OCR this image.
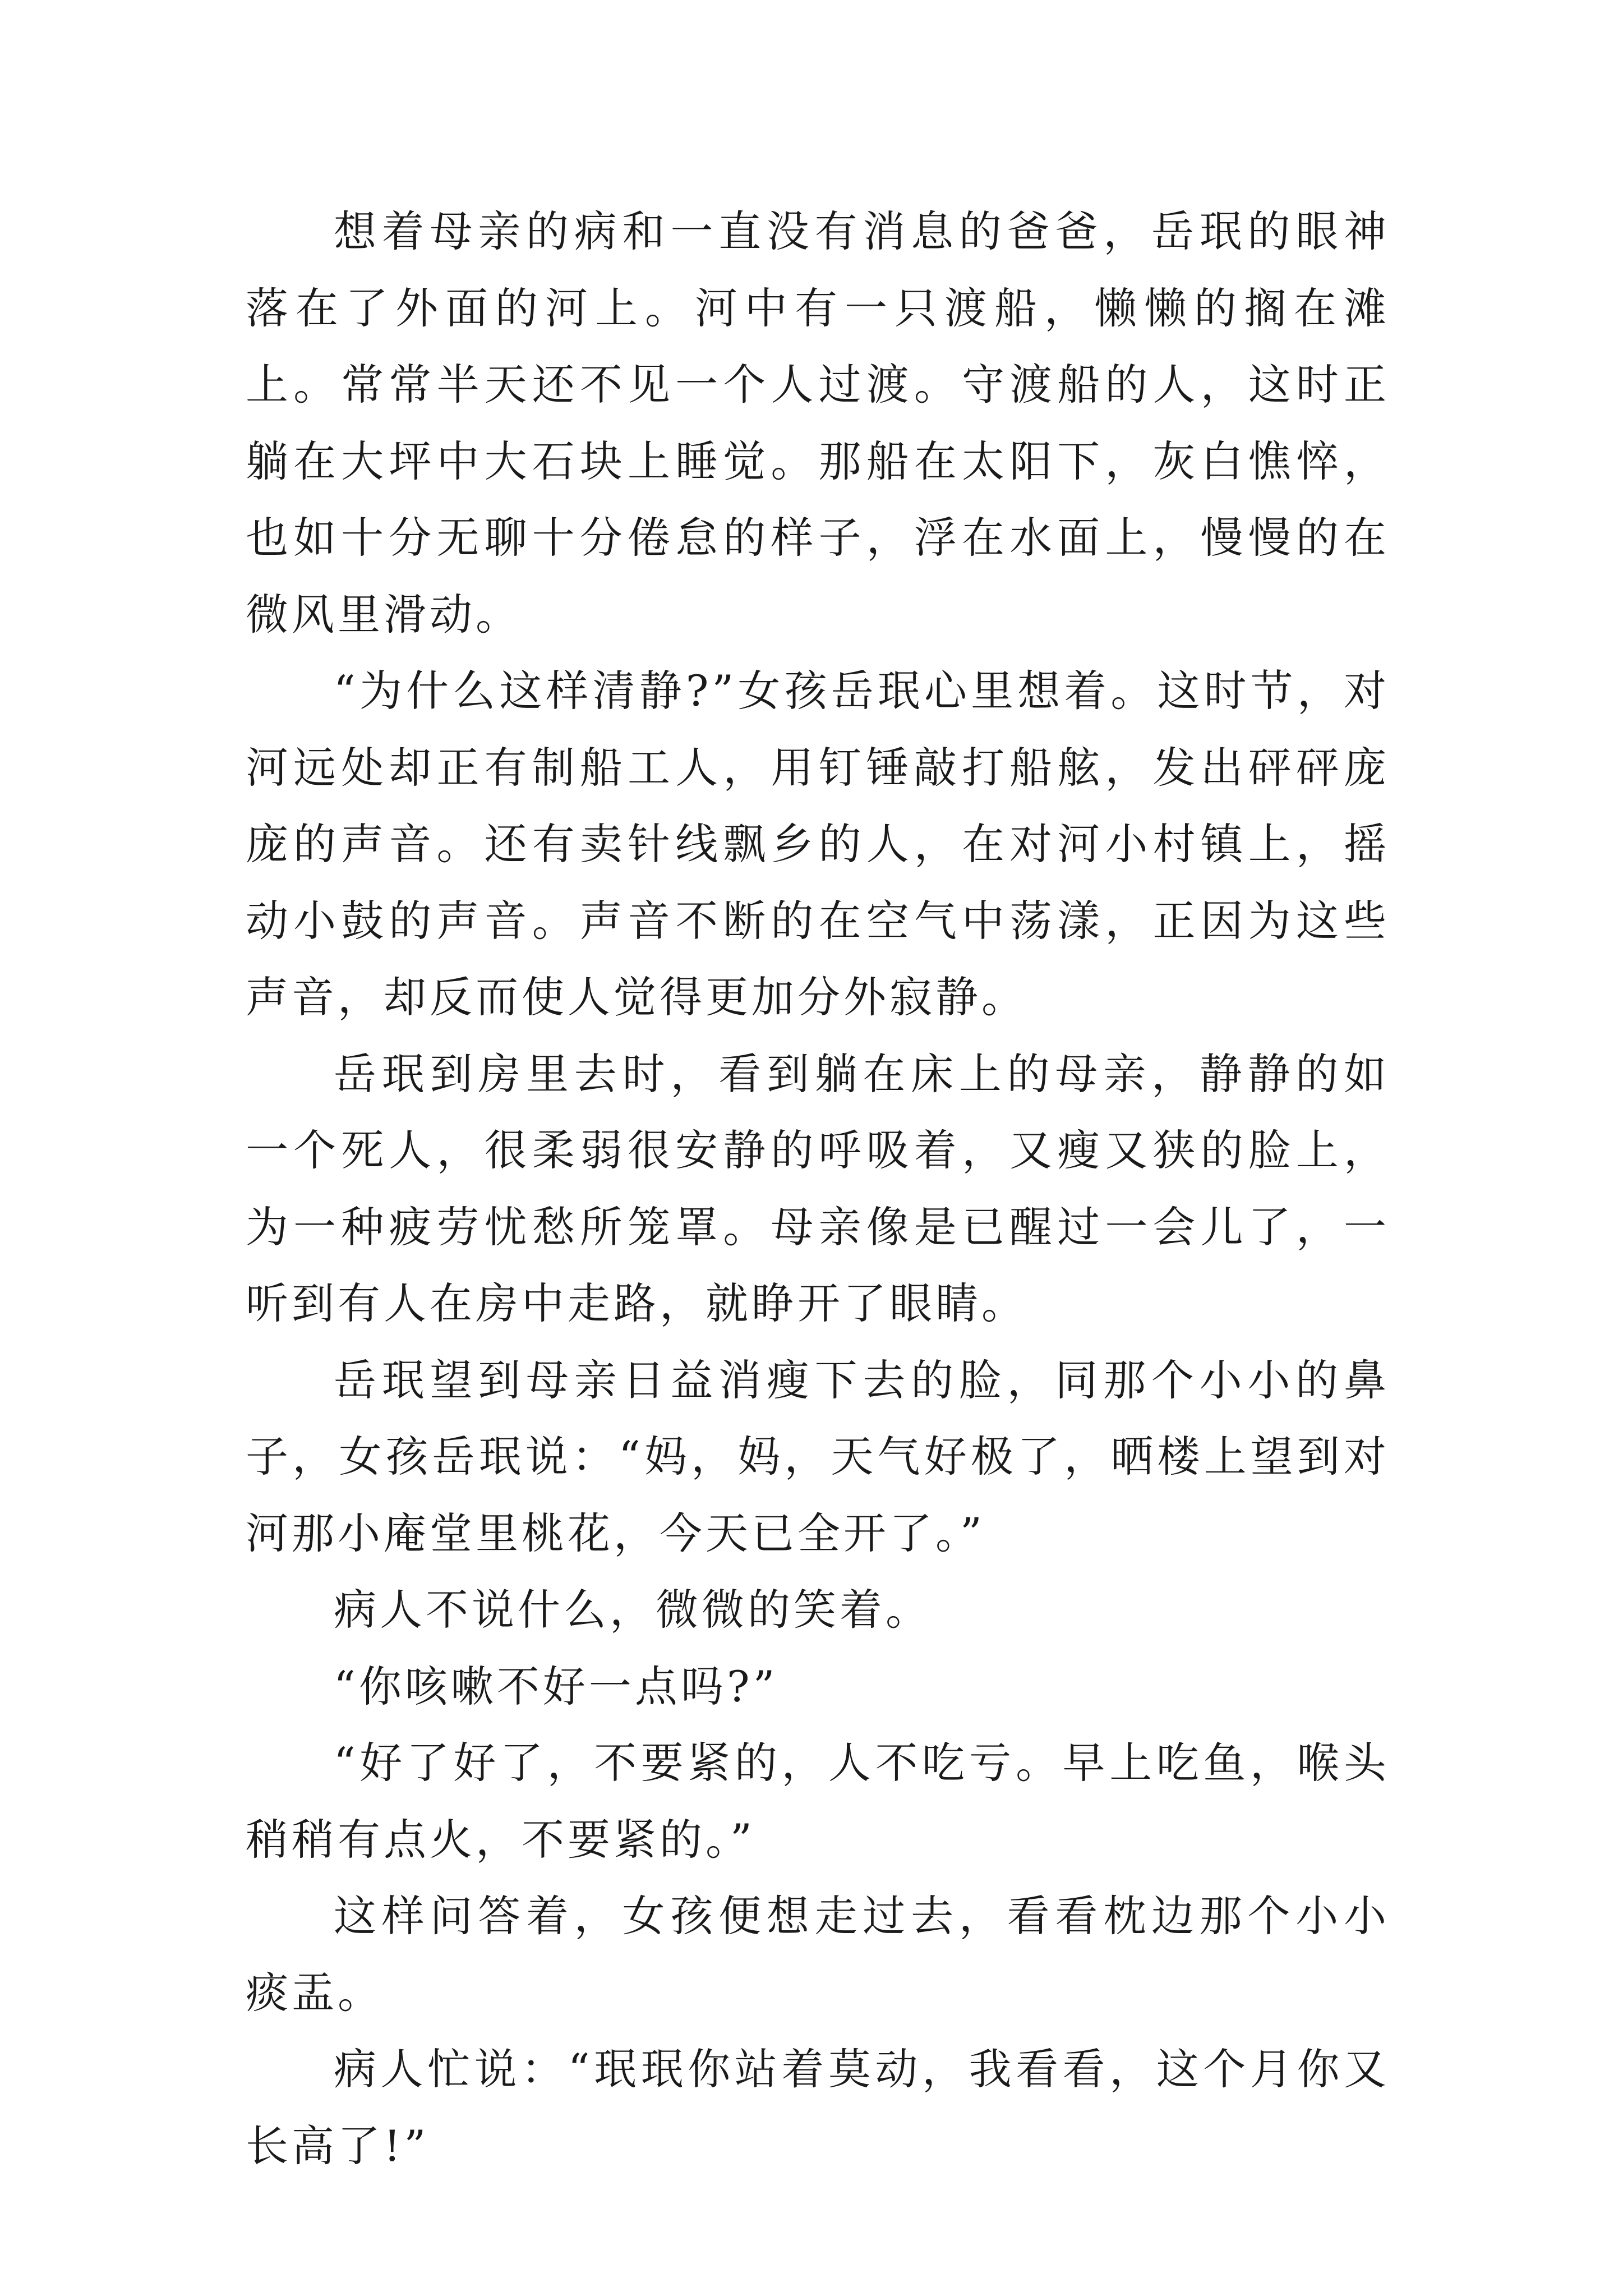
想着母亲的病和一直没有消息的爸爸，岳珉的眼神落在了外面的河上。河中有一只渡船，懒懒的搁在滩上。常常半天还不见一个人过渡。守渡船的人，这时正躺在大坪中大石块上睡觉。那船在太阳下，灰白憔悴，也如十分无聊十分倦怠的样子，浮在水面上，慢慢的在微风里滑动。

“为什么这样清静?”女孩岳珉心里想着。这时节，对河远处却正有制船工人，用钉锤敲打船舷，发出砰砰庞庞的声音。还有卖针线飘乡的人，在对河小村镇上，摇动小鼓的声音。声音不断的在空气中荡漾，正因为这些声音，却反而使人觉得更加分外寂静。

岳珉到房里去时，看到躺在床上的母亲，静静的如一个死人，很柔弱很安静的呼吸着，又瘦又狭的脸上，为一种疲劳忧愁所笼罩。母亲像是已醒过一会儿了，一听到有人在房中走路，就睁开了眼睛。

岳珉望到母亲日益消瘦下去的脸，同那个小小的鼻子，女孩岳珉说：“妈，妈，天气好极了，晒楼上望到对河那小庵堂里桃花，今天已全开了。”

病人不说什么，微微的笑着。

“你咳嗽不好一点吗?”

“好了好了，不要紧的，人不吃亏。早上吃鱼，喉头稍稍有点火，不要紧的。”

这样问答着，女孩便想走过去，看看枕边那个小小痰盂。

病人忙说：“珉珉你站着莫动，我看看，这个月你又长高了!”
